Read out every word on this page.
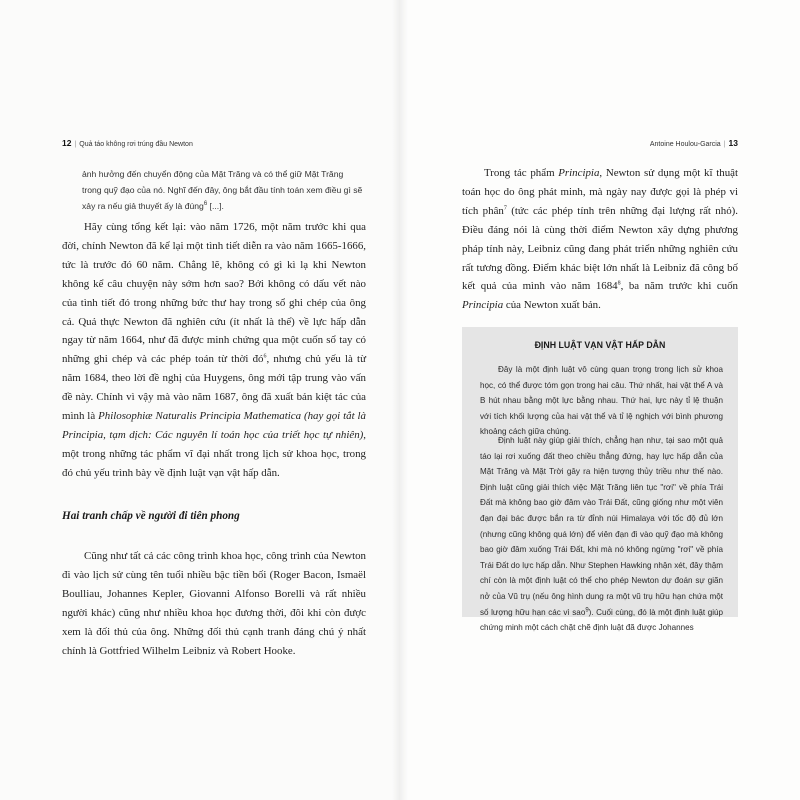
12 | Quả táo không rơi trúng đầu Newton

ảnh hưởng đến chuyển động của Mặt Trăng và có thể giữ Mặt Trăng trong quỹ đạo của nó. Nghĩ đến đây, ông bắt đầu tính toán xem điều gì sẽ xảy ra nếu giả thuyết ấy là đúng$^6$ [...].

Hãy cùng tổng kết lại: vào năm 1726, một năm trước khi qua đời, chính Newton đã kể lại một tình tiết diễn ra vào năm 1665-1666, tức là trước đó 60 năm. Chẳng lẽ, không có gì kì lạ khi Newton không kể câu chuyện này sớm hơn sao? Bởi không có dấu vết nào của tình tiết đó trong những bức thư hay trong sổ ghi chép của ông cả. Quả thực Newton đã nghiên cứu (ít nhất là thế) về lực hấp dẫn ngay từ năm 1664, như đã được minh chứng qua một cuốn sổ tay có những ghi chép và các phép toán từ thời $đó^6$, nhưng chủ yếu là từ năm 1684, theo lời đề nghị của Huygens, ông mới tập trung vào vấn đề này. Chính vì vậy mà vào năm 1687, ông đã xuất bản kiệt tác của mình là Philosophiæ Naturalis Principia Mathematica (hay gọi tắt là Principia, tạm dịch: Các nguyên lí toán học của triết học tự nhiên), một trong những tác phẩm vĩ đại nhất trong lịch sử khoa học, trong đó chủ yếu trình bày về định luật vạn vật hấp dẫn.

Hai tranh chấp về người đi tiên phong

Cũng như tất cả các công trình khoa học, công trình của Newton đi vào lịch sử cùng tên tuổi nhiều bậc tiền bối (Roger Bacon, Ismaël Boulliau, Johannes Kepler, Giovanni Alfonso Borelli và rất nhiều người khác) cũng như nhiều khoa học đương thời, đôi khi còn được xem là đối thủ của ông. Những đối thủ cạnh tranh đáng chú ý nhất chính là Gottfried Wilhelm Leibniz và Robert Hooke.

Antoine Houlou-Garcia | 13

Trong tác phẩm Principia, Newton sử dụng một kĩ thuật toán học do ông phát minh, mà ngày nay được gọi là phép vi tích phân$^7$ (tức các phép tính trên những đại lượng rất nhỏ). Điều đáng nói là cùng thời điểm Newton xây dựng phương pháp tính này, Leibniz cũng đang phát triển những nghiên cứu rất tương đồng. Điểm khác biệt lớn nhất là Leibniz đã công bố kết quả của mình vào năm 1684$^8$, ba năm trước khi cuốn Principia của Newton xuất bản.

ĐỊNH LUẬT VẠN VẬT HẤP DẪN

Đây là một định luật vô cùng quan trọng trong lịch sử khoa học, có thể được tóm gọn trong hai câu. Thứ nhất, hai vật thể A và B hút nhau bằng một lực bằng nhau. Thứ hai, lực này tỉ lệ thuận với tích khối lượng của hai vật thể và tỉ lệ nghịch với bình phương khoảng cách giữa chúng.

Định luật này giúp giải thích, chẳng hạn như, tại sao một quả táo lại rơi xuống đất theo chiều thẳng đứng, hay lực hấp dẫn của Mặt Trăng và Mặt Trời gây ra hiện tượng thủy triều như thế nào. Định luật cũng giải thích việc Mặt Trăng liên tục "rơi" về phía Trái Đất mà không bao giờ đâm vào Trái Đất, cũng giống như một viên đạn đại bác được bắn ra từ đỉnh núi Himalaya với tốc độ đủ lớn (nhưng cũng không quá lớn) để viên đạn đi vào quỹ đạo mà không bao giờ đâm xuống Trái Đất, khi mà nó không ngừng "rơi" về phía Trái Đất do lực hấp dẫn. Như Stephen Hawking nhận xét, đây thậm chí còn là một định luật có thể cho phép Newton dự đoán sự giãn nở của Vũ trụ (nếu ông hình dung ra một vũ trụ hữu hạn chứa một số lượng hữu hạn các vì sao$^9$). Cuối cùng, đó là một định luật giúp chứng minh một cách chặt chẽ định luật đã được Johannes
